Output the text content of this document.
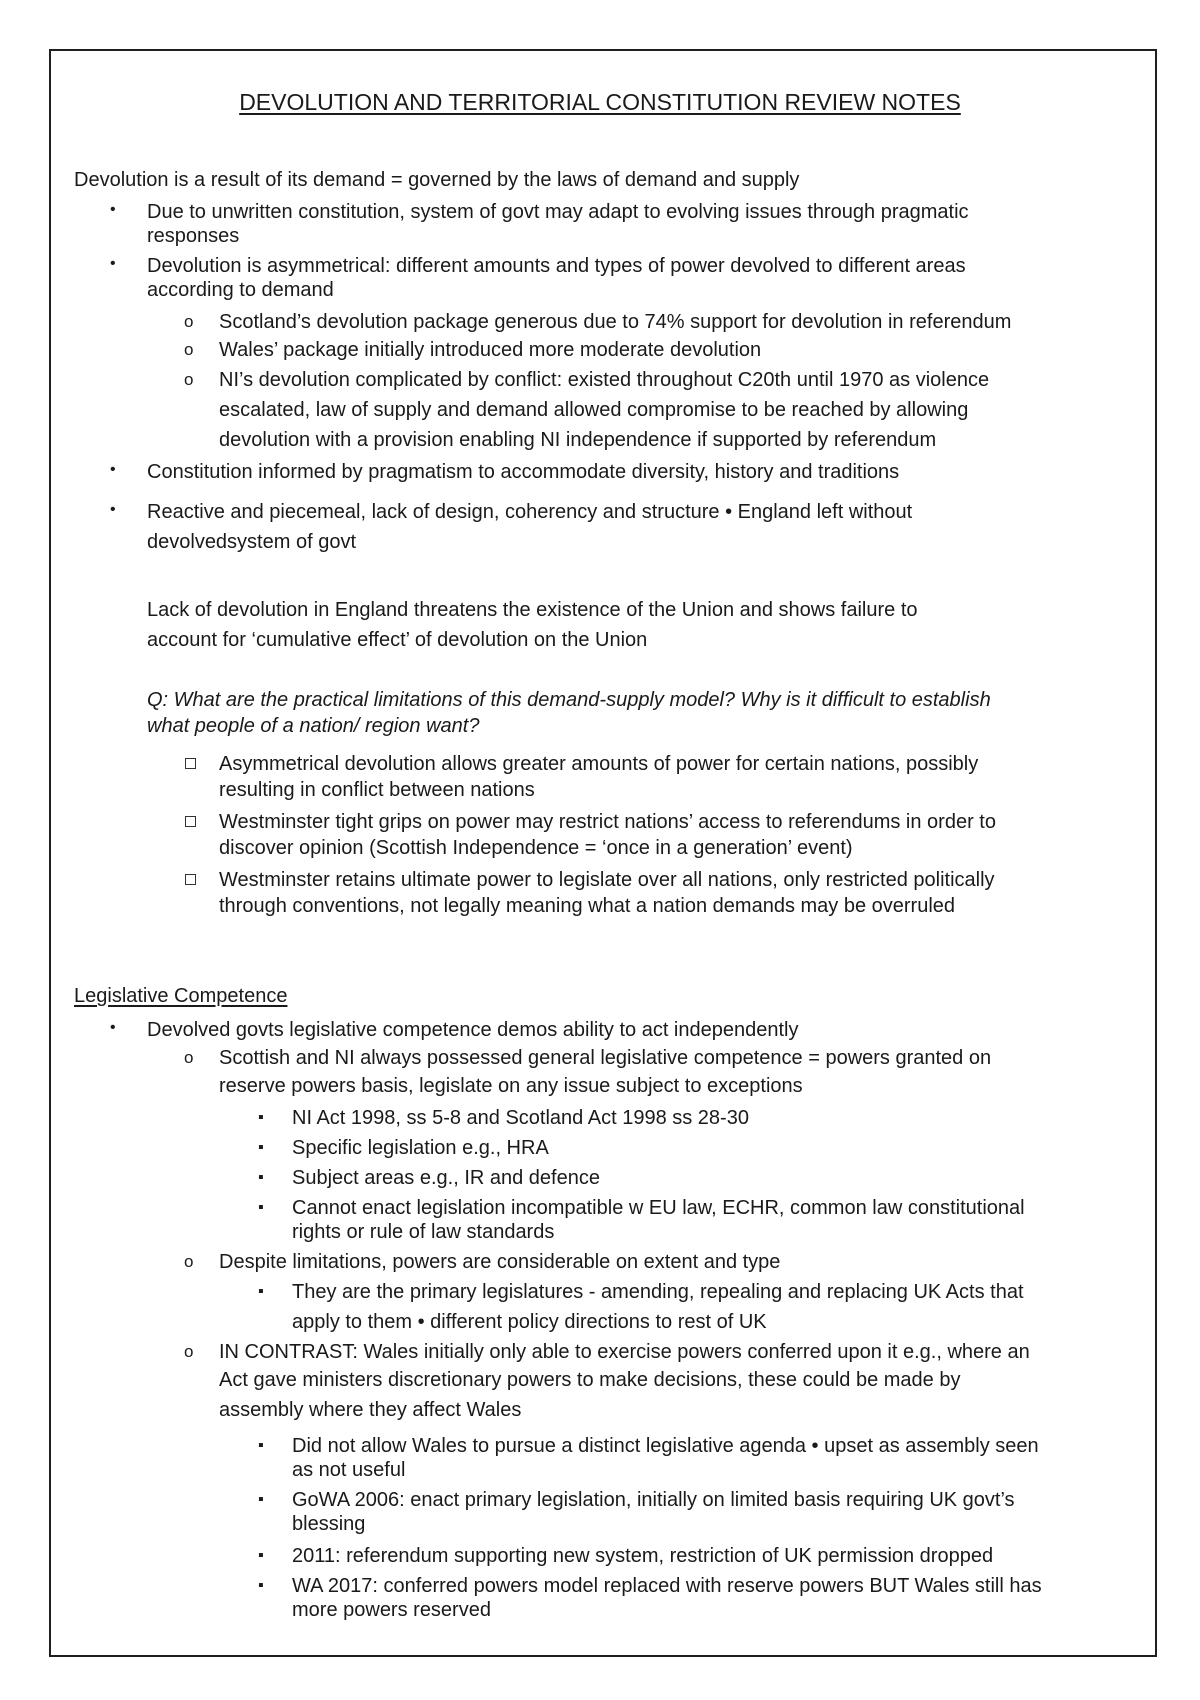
DEVOLUTION AND TERRITORIAL CONSTITUTION REVIEW NOTES
Devolution is a result of its demand = governed by the laws of demand and supply
• Due to unwritten constitution, system of govt may adapt to evolving issues through pragmatic
responses
• Devolution is asymmetrical: different amounts and types of power devolved to different areas
according to demand
o Scotland’s devolution package generous due to 74% support for devolution in referendum
o Wales’ package initially introduced more moderate devolution
o NI’s devolution complicated by conflict: existed throughout C20th until 1970 as violence
escalated, law of supply and demand allowed compromise to be reached by allowing
devolution with a provision enabling NI independence if supported by referendum
• Constitution informed by pragmatism to accommodate diversity, history and traditions
• Reactive and piecemeal, lack of design, coherency and structure • England left without
devolvedsystem of govt
Lack of devolution in England threatens the existence of the Union and shows failure to
account for ‘cumulative effect’ of devolution on the Union
Q: What are the practical limitations of this demand-supply model? Why is it difficult to establish
what people of a nation/ region want?
Asymmetrical devolution allows greater amounts of power for certain nations, possibly
resulting in conflict between nations
Westminster tight grips on power may restrict nations’ access to referendums in order to
discover opinion (Scottish Independence = ‘once in a generation’ event)
Westminster retains ultimate power to legislate over all nations, only restricted politically
through conventions, not legally meaning what a nation demands may be overruled
Legislative Competence
• Devolved govts legislative competence demos ability to act independently
o Scottish and NI always possessed general legislative competence = powers granted on
reserve powers basis, legislate on any issue subject to exceptions
▪ NI Act 1998, ss 5-8 and Scotland Act 1998 ss 28-30
▪ Specific legislation e.g., HRA
▪ Subject areas e.g., IR and defence
▪ Cannot enact legislation incompatible w EU law, ECHR, common law constitutional
rights or rule of law standards
o Despite limitations, powers are considerable on extent and type
▪ They are the primary legislatures - amending, repealing and replacing UK Acts that
apply to them • different policy directions to rest of UK
o IN CONTRAST: Wales initially only able to exercise powers conferred upon it e.g., where an
Act gave ministers discretionary powers to make decisions, these could be made by
assembly where they affect Wales
▪ Did not allow Wales to pursue a distinct legislative agenda • upset as assembly seen
as not useful
▪ GoWA 2006: enact primary legislation, initially on limited basis requiring UK govt’s
blessing
▪ 2011: referendum supporting new system, restriction of UK permission dropped
▪ WA 2017: conferred powers model replaced with reserve powers BUT Wales still has
more powers reserved
